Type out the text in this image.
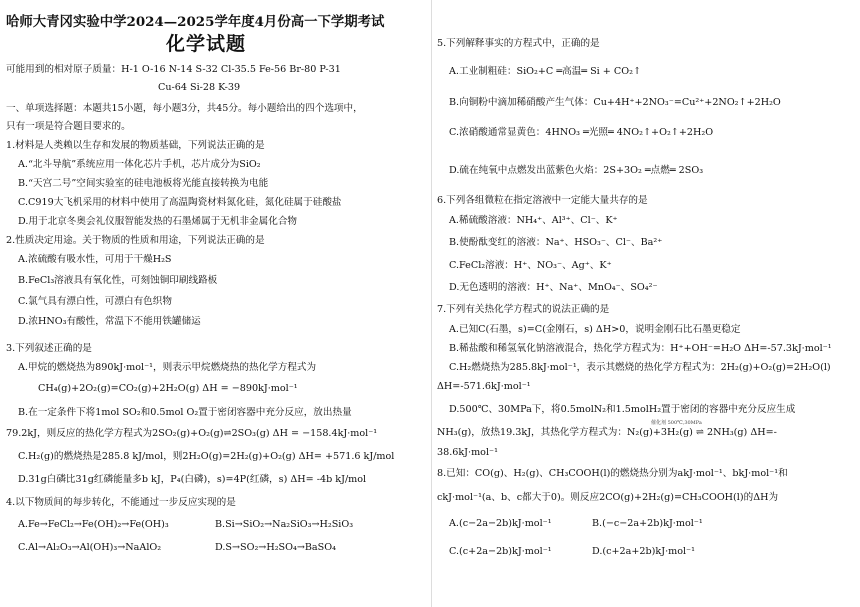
哈师大青冈实验中学2024—2025学年度4月份高一下学期考试
化学试题
可能用到的相对原子质量：H-1 O-16 N-14 S-32 Cl-35.5 Fe-56 Br-80 P-31
Cu-64 Si-28 K-39
一、单项选择题：本题共15小题，每小题3分，共45分。每小题给出的四个选项中，
只有一项是符合题目要求的。
1.材料是人类赖以生存和发展的物质基础，下列说法正确的是
A.“北斗导航”系统应用一体化芯片手机，芯片成分为SiO₂
B.“天宫二号”空间实验室的硅电池板将光能直接转换为电能
C.C919大飞机采用的材料中使用了高温陶瓷材料氮化硅，氮化硅属于硅酸盐
D.用于北京冬奥会礼仪服智能发热的石墨烯属于无机非金属化合物
2.性质决定用途。关于物质的性质和用途，下列说法正确的是
A.浓硫酸有吸水性，可用于干燥H₂S
B.FeCl₃溶液具有氧化性，可刻蚀铜印刷线路板
C.氯气具有漂白性，可漂白有色织物
D.浓HNO₃有酸性，常温下不能用铁罐储运
3.下列叙述正确的是
A.甲烷的燃烧热为890kJ·mol⁻¹，则表示甲烷燃烧热的热化学方程式为
CH₄(g)+2O₂(g)=CO₂(g)+2H₂O(g) ΔH = −890kJ·mol⁻¹
B.在一定条件下将1mol SO₂和0.5mol O₂置于密闭容器中充分反应，放出热量
79.2kJ，则反应的热化学方程式为2SO₂(g)+O₂(g)⇌2SO₃(g) ΔH = −158.4kJ·mol⁻¹
C.H₂(g)的燃烧热是285.8 kJ/mol，则2H₂O(g)=2H₂(g)+O₂(g) ΔH= +571.6 kJ/mol
D.31g白磷比31g红磷能量多b kJ，P₄(白磷)，s)=4P(红磷，s) ΔH= -4b kJ/mol
4.以下物质间的每步转化，不能通过一步反应实现的是
A.Fe→FeCl₂→Fe(OH)₂→Fe(OH)₃	B.Si→SiO₂→Na₂SiO₃→H₂SiO₃
C.Al→Al₂O₃→Al(OH)₃→NaAlO₂	D.S→SO₂→H₂SO₄→BaSO₄
5.下列解释事实的方程式中，正确的是
A.工业制粗硅：SiO₂+C ═高温═ Si + CO₂↑
B.向铜粉中滴加稀硝酸产生气体：Cu+4H⁺+2NO₃⁻=Cu²⁺+2NO₂↑+2H₂O
C.浓硝酸通常显黄色：4HNO₃ ═光照═ 4NO₂↑+O₂↑+2H₂O
D.硫在纯氧中点燃发出蓝紫色火焰：2S+3O₂ ═点燃═ 2SO₃
6.下列各组微粒在指定溶液中一定能大量共存的是
A.稀硫酸溶液：NH₄⁺、Al³⁺、Cl⁻、K⁺
B.使酚酞变红的溶液：Na⁺、HSO₃⁻、Cl⁻、Ba²⁺
C.FeCl₂溶液：H⁺、NO₃⁻、Ag⁺、K⁺
D.无色透明的溶液：H⁺、Na⁺、MnO₄⁻、SO₄²⁻
7.下列有关热化学方程式的说法正确的是
A.已知C(石墨，s)=C(金刚石，s) ΔH>0，说明金刚石比石墨更稳定
B.稀盐酸和稀氢氧化钠溶液混合，热化学方程式为：H⁺+OH⁻=H₂O ΔH=-57.3kJ·mol⁻¹
C.H₂燃烧热为285.8kJ·mol⁻¹，表示其燃烧的热化学方程式为：2H₂(g)+O₂(g)=2H₂O(l)
ΔH=-571.6kJ·mol⁻¹
D.500℃、30MPa下，将0.5molN₂和1.5molH₂置于密闭的容器中充分反应生成
NH₃(g)，放热19.3kJ，其热化学方程式为：N₂(g)+3H₂(g) ⇌ 2NH₃(g) ΔH=-
催化剂 500℃,30MPa
38.6kJ·mol⁻¹
8.已知：CO(g)、H₂(g)、CH₃COOH(l)的燃烧热分别为akJ·mol⁻¹、bkJ·mol⁻¹和
ckJ·mol⁻¹(a、b、c都大于0)。则反应2CO(g)+2H₂(g)=CH₃COOH(l)的ΔH为
A.(c−2a−2b)kJ·mol⁻¹	B.(−c−2a+2b)kJ·mol⁻¹
C.(c+2a−2b)kJ·mol⁻¹	D.(c+2a+2b)kJ·mol⁻¹
